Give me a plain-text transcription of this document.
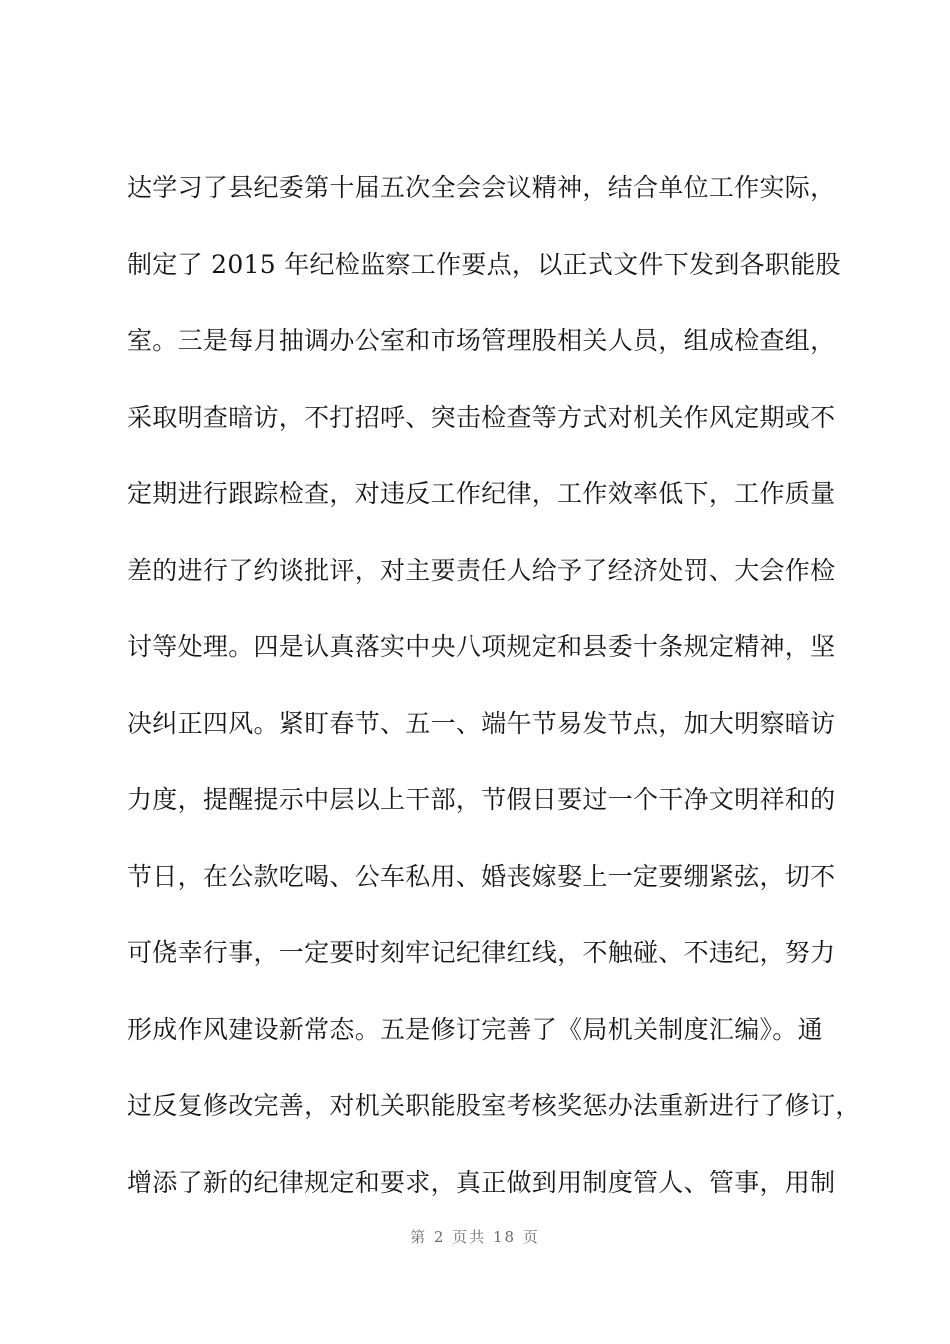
达学习了县纪委第十届五次全会会议精神，结合单位工作实际，
制定了 2015 年纪检监察工作要点，以正式文件下发到各职能股
室。三是每月抽调办公室和市场管理股相关人员，组成检查组，
采取明查暗访，不打招呼、突击检查等方式对机关作风定期或不
定期进行跟踪检查，对违反工作纪律，工作效率低下，工作质量
差的进行了约谈批评，对主要责任人给予了经济处罚、大会作检
讨等处理。四是认真落实中央八项规定和县委十条规定精神，坚
决纠正四风。紧盯春节、五一、端午节易发节点，加大明察暗访
力度，提醒提示中层以上干部，节假日要过一个干净文明祥和的
节日，在公款吃喝、公车私用、婚丧嫁娶上一定要绷紧弦，切不
可侥幸行事，一定要时刻牢记纪律红线，不触碰、不违纪，努力
形成作风建设新常态。五是修订完善了《局机关制度汇编》。通
过反复修改完善，对机关职能股室考核奖惩办法重新进行了修订，
增添了新的纪律规定和要求，真正做到用制度管人、管事，用制
第 2 页共 18 页
